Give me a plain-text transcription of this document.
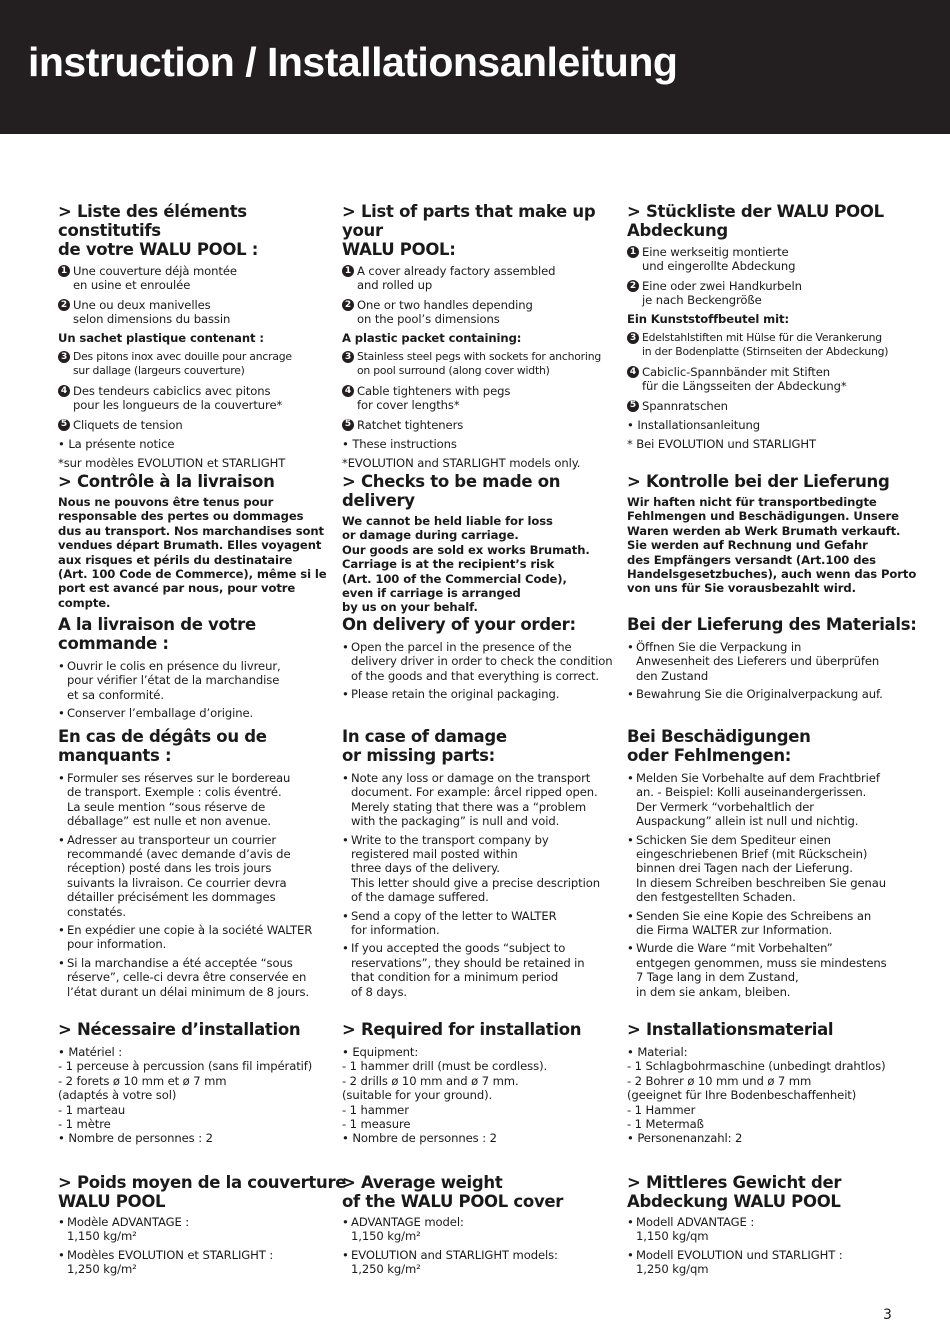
instruction / Installationsanleitung
> Liste des éléments constitutifs
de votre WALU POOL :
1 Une couverture déjà montée
en usine et enroulée
2 Une ou deux manivelles
selon dimensions du bassin
Un sachet plastique contenant :
3 Des pitons inox avec douille pour ancrage
sur dallage (largeurs couverture)
4 Des tendeurs cabiclics avec pitons
pour les longueurs de la couverture*
5 Cliquets de tension
• La présente notice
*sur modèles EVOLUTION et STARLIGHT
> Contrôle à la livraison
Nous ne pouvons être tenus pour
responsable des pertes ou dommages
dus au transport. Nos marchandises sont
vendues départ Brumath. Elles voyagent
aux risques et périls du destinataire
(Art. 100 Code de Commerce), même si le
port est avancé par nous, pour votre compte.
A la livraison de votre commande :
• Ouvrir le colis en présence du livreur,
pour vérifier l’état de la marchandise
et sa conformité.
• Conserver l’emballage d’origine.
En cas de dégâts ou de
manquants :
• Formuler ses réserves sur le bordereau
de transport. Exemple : colis éventré.
La seule mention “sous réserve de
déballage” est nulle et non avenue.
• Adresser au transporteur un courrier
recommandé (avec demande d’avis de
réception) posté dans les trois jours
suivants la livraison. Ce courrier devra
détailler précisément les dommages
constatés.
• En expédier une copie à la société WALTER
pour information.
• Si la marchandise a été acceptée “sous
réserve”, celle-ci devra être conservée en
l’état durant un délai minimum de 8 jours.
> Nécessaire d’installation
• Matériel :
- 1 perceuse à percussion (sans fil impératif)
- 2 forets ø 10 mm et ø 7 mm
(adaptés à votre sol)
- 1 marteau
- 1 mètre
• Nombre de personnes : 2
> Poids moyen de la couverture
WALU POOL
• Modèle ADVANTAGE :
1,150 kg/m²
• Modèles EVOLUTION et STARLIGHT :
1,250 kg/m²
> List of parts that make up your
WALU POOL:
1 A cover already factory assembled
and rolled up
2 One or two handles depending
on the pool’s dimensions
A plastic packet containing:
3 Stainless steel pegs with sockets for anchoring
on pool surround (along cover width)
4 Cable tighteners with pegs
for cover lengths*
5 Ratchet tighteners
• These instructions
*EVOLUTION and STARLIGHT models only.
> Checks to be made on delivery
We cannot be held liable for loss
or damage during carriage.
Our goods are sold ex works Brumath.
Carriage is at the recipient’s risk
(Art. 100 of the Commercial Code),
even if carriage is arranged
by us on your behalf.
On delivery of your order:
• Open the parcel in the presence of the
delivery driver in order to check the condition
of the goods and that everything is correct.
• Please retain the original packaging.
In case of damage
or missing parts:
• Note any loss or damage on the transport
document. For example: ârcel ripped open.
Merely stating that there was a “problem
with the packaging” is null and void.
• Write to the transport company by
registered mail posted within
three days of the delivery.
This letter should give a precise description
of the damage suffered.
• Send a copy of the letter to WALTER
for information.
• If you accepted the goods “subject to
reservations”, they should be retained in
that condition for a minimum period
of 8 days.
> Required for installation
• Equipment:
- 1 hammer drill (must be cordless).
- 2 drills ø 10 mm and ø 7 mm.
(suitable for your ground).
- 1 hammer
- 1 measure
• Nombre de personnes : 2
> Average weight
of the WALU POOL cover
• ADVANTAGE model:
1,150 kg/m²
• EVOLUTION and STARLIGHT models:
1,250 kg/m²
> Stückliste der WALU POOL
Abdeckung
1 Eine werkseitig montierte
und eingerollte Abdeckung
2 Eine oder zwei Handkurbeln
je nach Beckengröße
Ein Kunststoffbeutel mit:
3 Edelstahlstiften mit Hülse für die Verankerung
in der Bodenplatte (Stirnseiten der Abdeckung)
4 Cabiclic-Spannbänder mit Stiften
für die Längsseiten der Abdeckung*
5 Spannratschen
• Installationsanleitung
* Bei EVOLUTION und STARLIGHT
> Kontrolle bei der Lieferung
Wir haften nicht für transportbedingte
Fehlmengen und Beschädigungen. Unsere
Waren werden ab Werk Brumath verkauft.
Sie werden auf Rechnung und Gefahr
des Empfängers versandt (Art.100 des
Handelsgesetzbuches), auch wenn das Porto
von uns für Sie vorausbezahlt wird.
Bei der Lieferung des Materials:
• Öffnen Sie die Verpackung in
Anwesenheit des Lieferers und überprüfen
den Zustand
• Bewahrung Sie die Originalverpackung auf.
Bei Beschädigungen
oder Fehlmengen:
• Melden Sie Vorbehalte auf dem Frachtbrief
an. - Beispiel: Kolli auseinandergerissen.
Der Vermerk “vorbehaltlich der
Auspackung” allein ist null und nichtig.
• Schicken Sie dem Spediteur einen
eingeschriebenen Brief (mit Rückschein)
binnen drei Tagen nach der Lieferung.
In diesem Schreiben beschreiben Sie genau
den festgestellten Schaden.
• Senden Sie eine Kopie des Schreibens an
die Firma WALTER zur Information.
• Wurde die Ware “mit Vorbehalten”
entgegen genommen, muss sie mindestens
7 Tage lang in dem Zustand,
in dem sie ankam, bleiben.
> Installationsmaterial
• Material:
- 1 Schlagbohrmaschine (unbedingt drahtlos)
- 2 Bohrer ø 10 mm und ø 7 mm
(geeignet für Ihre Bodenbeschaffenheit)
- 1 Hammer
- 1 Metermaß
• Personenanzahl: 2
> Mittleres Gewicht der
Abdeckung WALU POOL
• Modell ADVANTAGE :
1,150 kg/qm
• Modell EVOLUTION und STARLIGHT :
1,250 kg/qm
3
